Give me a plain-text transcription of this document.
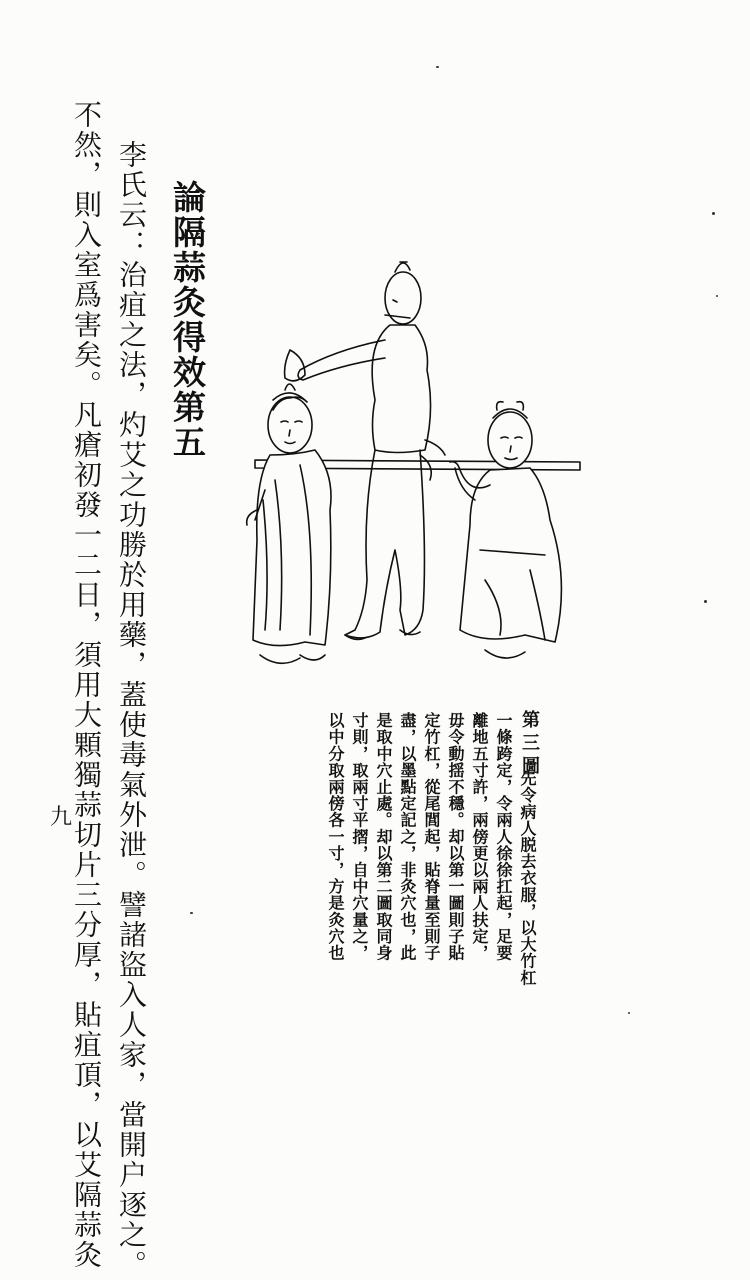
李氏云：治疽之法，灼艾之功勝於用藥，蓋使毒氣外泄。譬諸盜入人家，當開户逐之。
不然，則入室爲害矣。凡瘡初發一二日，須用大顆獨蒜切片三分厚，貼疽頂，以艾隔蒜灸 論隔蒜灸得效第五
第三圖
先令病人脱去衣服，以大竹杠
一條跨定，令兩人徐徐扛起，足要
離地五寸許，兩傍更以兩人扶定，
毋令動揺不穩。却以第一圖則子貼
定竹杠，從尾閭起，貼脊量至則子
盡，以墨點定記之，非灸穴也，此
是取中穴止處。却以第二圖取同身
寸則，取兩寸平摺，自中穴量之，
以中分取兩傍各一寸，方是灸穴也
九
